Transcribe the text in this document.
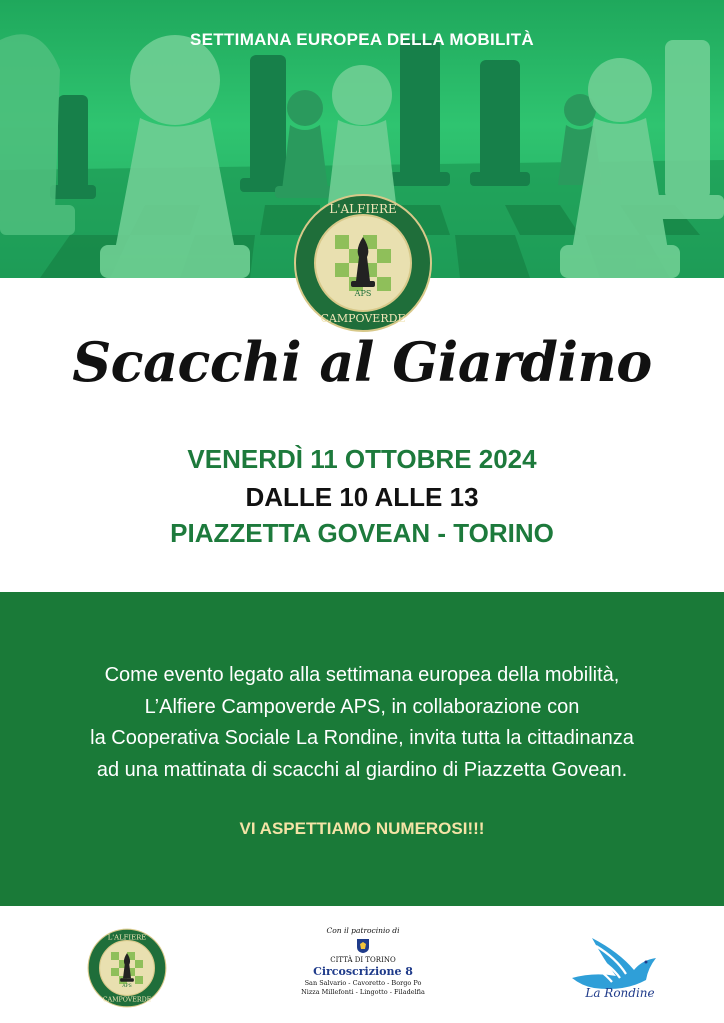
SETTIMANA EUROPEA DELLA MOBILITÀ
APS
L'ALFIERE
CAMPOVERDE
Scacchi al Giardino
VENERDÌ 11 OTTOBRE 2024
DALLE 10 ALLE 13
PIAZZETTA GOVEAN - TORINO
Come evento legato alla settimana europea della mobilità,
L’Alfiere Campoverde APS, in collaborazione con
la Cooperativa Sociale La Rondine, invita tutta la cittadinanza
ad una mattinata di scacchi al giardino di Piazzetta Govean.
VI ASPETTIAMO NUMEROSI!!!
APS
L'ALFIERE
CAMPOVERDE
Con il patrocinio di
CITTÀ DI TORINO
Circoscrizione 8
San Salvario - Cavoretto - Borgo Po
Nizza Millefonti - Lingotto - Filadelfia	La Rondine
